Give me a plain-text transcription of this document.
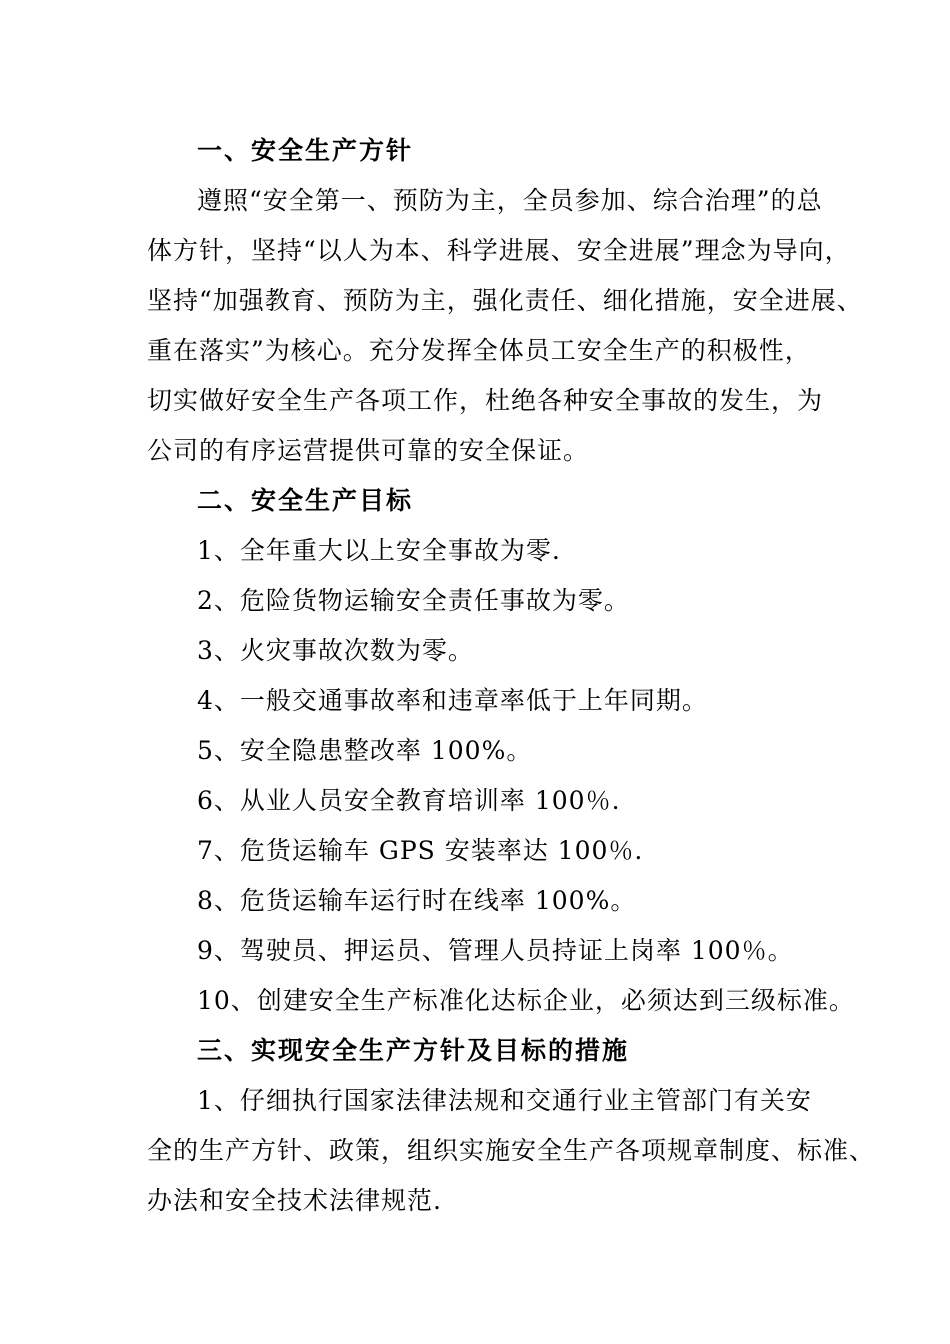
一、安全生产方针
遵照“安全第一、预防为主，全员参加、综合治理”的总
体方针，坚持“以人为本、科学进展、安全进展”理念为导向，
坚持“加强教育、预防为主，强化责任、细化措施，安全进展、
重在落实”为核心。充分发挥全体员工安全生产的积极性，
切实做好安全生产各项工作，杜绝各种安全事故的发生，为
公司的有序运营提供可靠的安全保证。
二、安全生产目标
1、全年重大以上安全事故为零.
2、危险货物运输安全责任事故为零。
3、火灾事故次数为零。
4、一般交通事故率和违章率低于上年同期。
5、安全隐患整改率 100%。
6、从业人员安全教育培训率 100％.
7、危货运输车 GPS 安装率达 100％.
8、危货运输车运行时在线率 100%。
9、驾驶员、押运员、管理人员持证上岗率 100％。
10、创建安全生产标准化达标企业，必须达到三级标准。
三、实现安全生产方针及目标的措施
1、仔细执行国家法律法规和交通行业主管部门有关安
全的生产方针、政策，组织实施安全生产各项规章制度、标准、
办法和安全技术法律规范.
